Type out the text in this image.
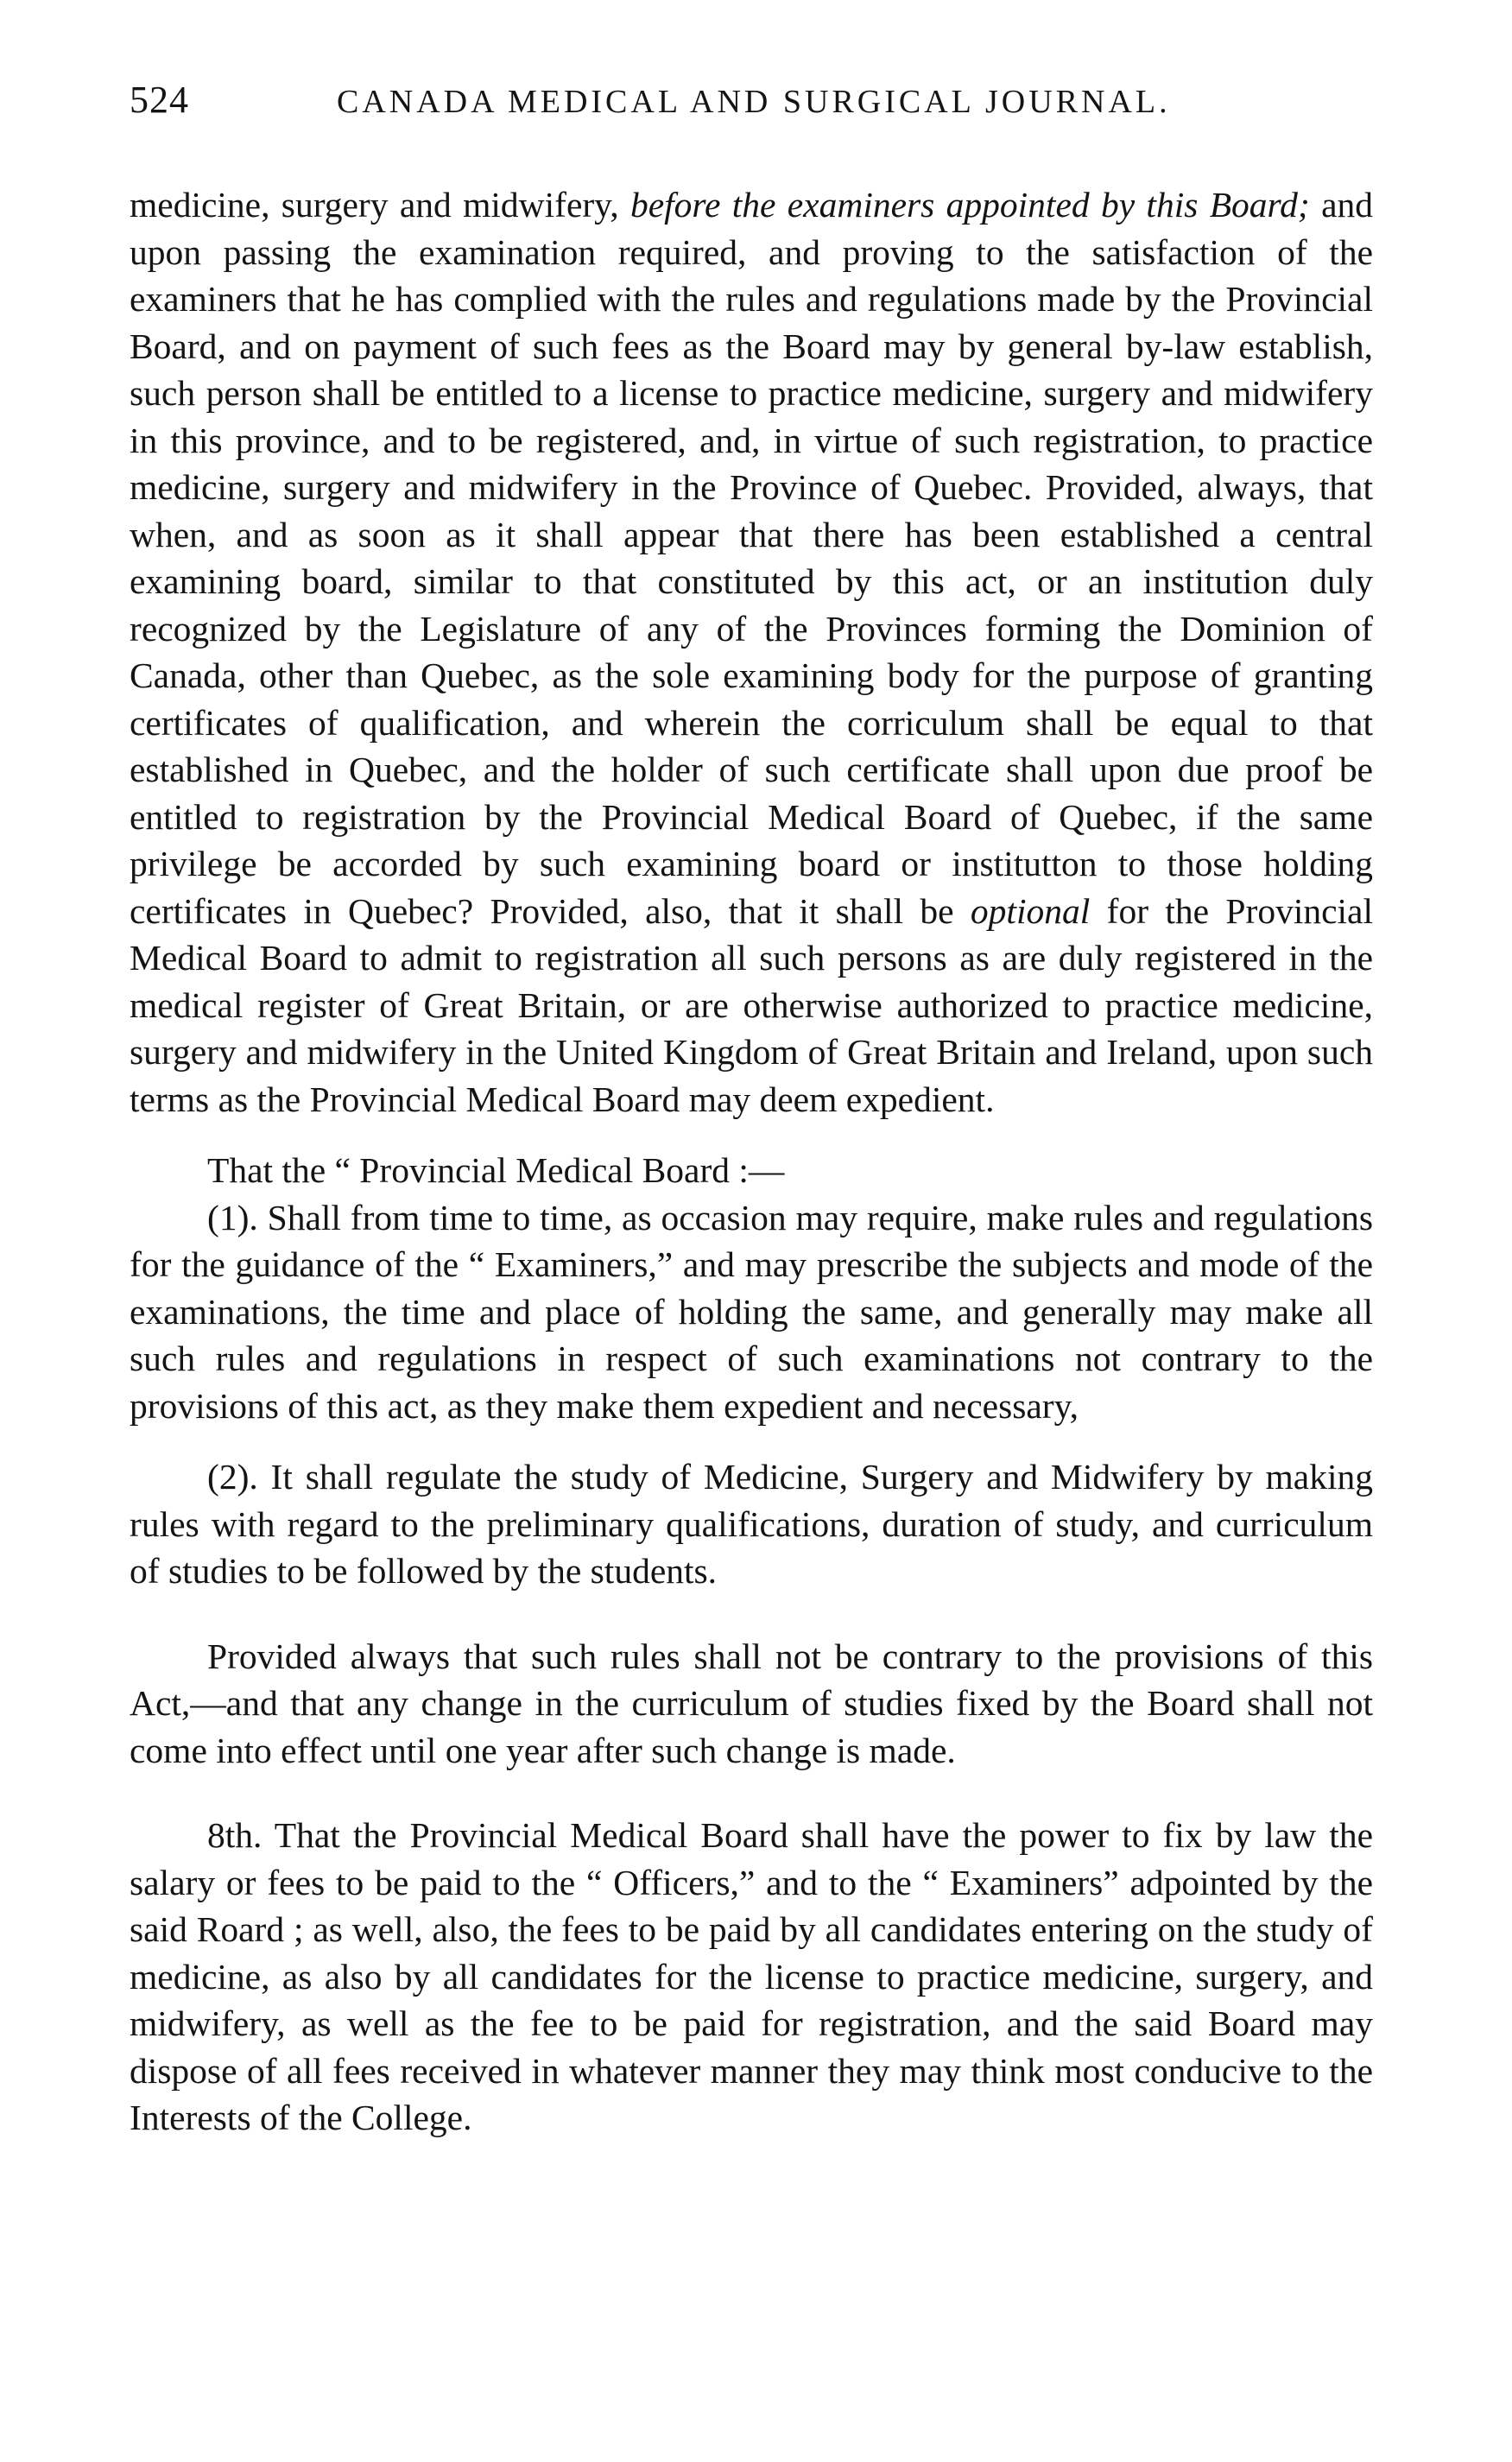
524	CANADA MEDICAL AND SURGICAL JOURNAL.

medicine, surgery and midwifery, before the examiners appointed by this Board; and upon passing the examination required, and proving to the satisfaction of the examiners that he has complied with the rules and regulations made by the Provincial Board, and on payment of such fees as the Board may by general by-law establish, such person shall be entitled to a license to practice medicine, surgery and midwifery in this province, and to be registered, and, in virtue of such registration, to practice medicine, surgery and midwifery in the Province of Quebec. Provided, always, that when, and as soon as it shall appear that there has been established a central examining board, similar to that constituted by this act, or an institution duly recognized by the Legislature of any of the Provinces forming the Dominion of Canada, other than Quebec, as the sole examining body for the purpose of granting certificates of qualification, and wherein the corriculum shall be equal to that established in Quebec, and the holder of such certificate shall upon due proof be entitled to registration by the Provincial Medical Board of Quebec, if the same privilege be accorded by such examining board or institutton to those holding certificates in Quebec? Provided, also, that it shall be optional for the Provincial Medical Board to admit to registration all such persons as are duly registered in the medical register of Great Britain, or are otherwise authorized to practice medicine, surgery and midwifery in the United Kingdom of Great Britain and Ireland, upon such terms as the Provincial Medical Board may deem expedient.

That the “ Provincial Medical Board :—

(1). Shall from time to time, as occasion may require, make rules and regulations for the guidance of the “ Examiners,” and may prescribe the subjects and mode of the examinations, the time and place of holding the same, and generally may make all such rules and regulations in respect of such examinations not contrary to the provisions of this act, as they make them expedient and necessary,

(2). It shall regulate the study of Medicine, Surgery and Midwifery by making rules with regard to the preliminary qualifications, duration of study, and curriculum of studies to be followed by the students.

Provided always that such rules shall not be contrary to the provisions of this Act,—and that any change in the curriculum of studies fixed by the Board shall not come into effect until one year after such change is made.

8th. That the Provincial Medical Board shall have the power to fix by law the salary or fees to be paid to the “ Officers,” and to the “ Examiners” adpointed by the said Roard ; as well, also, the fees to be paid by all candidates entering on the study of medicine, as also by all candidates for the license to practice medicine, surgery, and midwifery, as well as the fee to be paid for registration, and the said Board may dispose of all fees received in whatever manner they may think most conducive to the Interests of the College.
